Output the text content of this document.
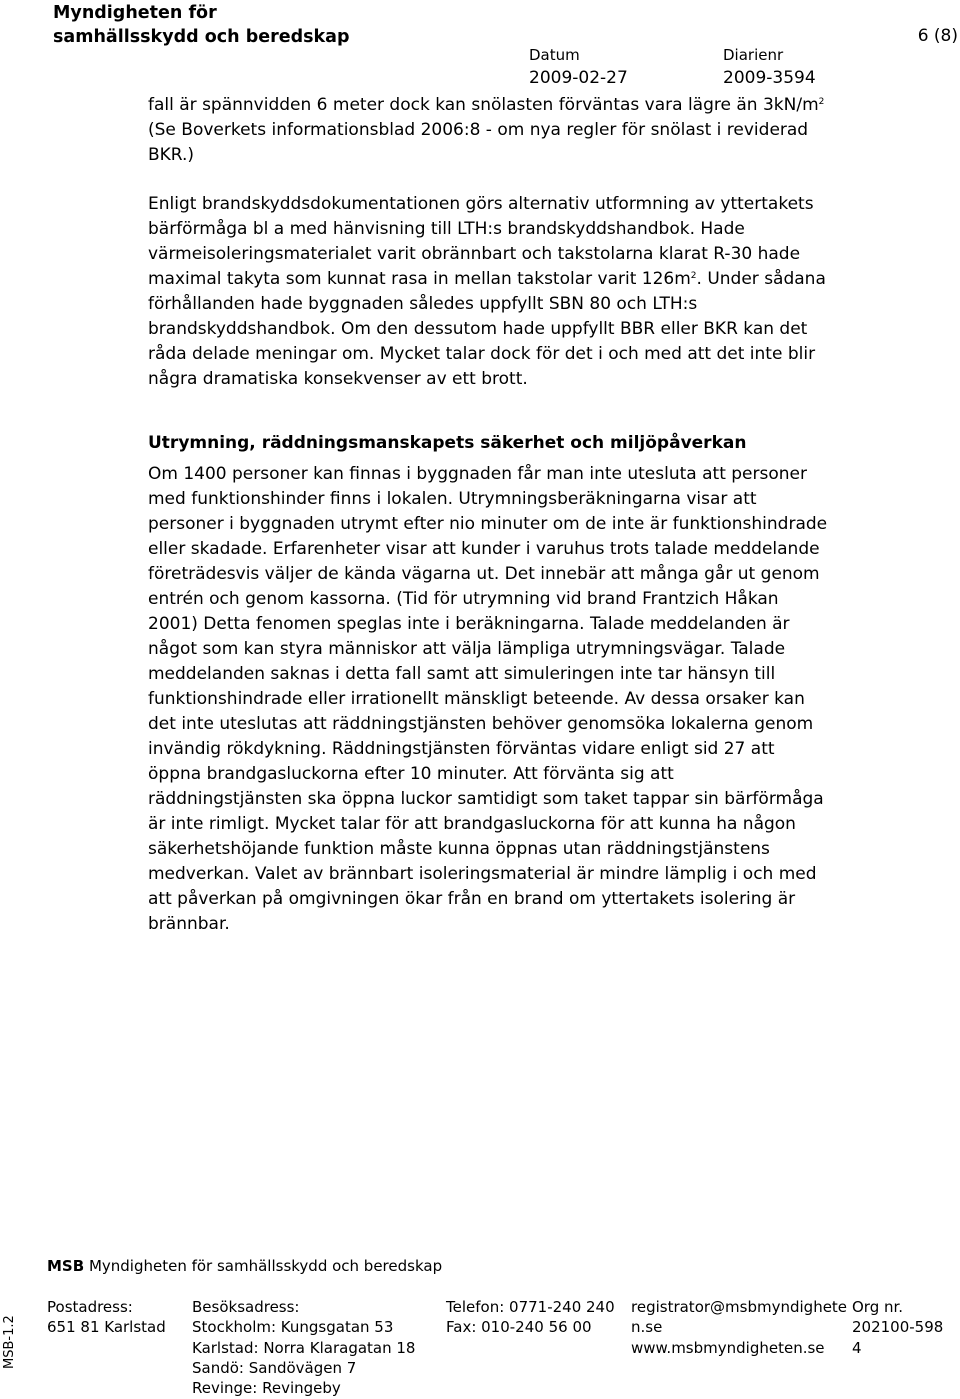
Myndigheten för
samhällsskydd och beredskap	6 (8)
Datum
2009-02-27
Diarienr
2009-3594

fall är spännvidden 6 meter dock kan snölasten förväntas vara lägre än $3kN/m^2$ (Se Boverkets informationsblad 2006:8 - om nya regler för snölast i reviderad BKR.)

Enligt brandskyddsdokumentationen görs alternativ utformning av yttertakets bärförmåga bl a med hänvisning till LTH:s brandskyddshandbok. Hade värmeisoleringsmaterialet varit obrännbart och takstolarna klarat R-30 hade maximal takyta som kunnat rasa in mellan takstolar varit $126m^2$. Under sådana förhållanden hade byggnaden således uppfyllt SBN 80 och LTH:s brandskyddshandbok. Om den dessutom hade uppfyllt BBR eller BKR kan det råda delade meningar om. Mycket talar dock för det i och med att det inte blir några dramatiska konsekvenser av ett brott.

Utrymning, räddningsmanskapets säkerhet och miljöpåverkan

Om 1400 personer kan finnas i byggnaden får man inte utesluta att personer med funktionshinder finns i lokalen. Utrymningsberäkningarna visar att personer i byggnaden utrymt efter nio minuter om de inte är funktionshindrade eller skadade. Erfarenheter visar att kunder i varuhus trots talade meddelande företrädesvis väljer de kända vägarna ut. Det innebär att många går ut genom entrén och genom kassorna. (Tid för utrymning vid brand Frantzich Håkan 2001) Detta fenomen speglas inte i beräkningarna. Talade meddelanden är något som kan styra människor att välja lämpliga utrymningsvägar. Talade meddelanden saknas i detta fall samt att simuleringen inte tar hänsyn till funktionshindrade eller irrationellt mänskligt beteende. Av dessa orsaker kan det inte uteslutas att räddningstjänsten behöver genomsöka lokalerna genom invändig rökdykning. Räddningstjänsten förväntas vidare enligt sid 27 att öppna brandgasluckorna efter 10 minuter. Att förvänta sig att räddningstjänsten ska öppna luckor samtidigt som taket tappar sin bärförmåga är inte rimligt. Mycket talar för att brandgasluckorna för att kunna ha någon säkerhetshöjande funktion måste kunna öppnas utan räddningstjänstens medverkan. Valet av brännbart isoleringsmaterial är mindre lämplig i och med att påverkan på omgivningen ökar från en brand om yttertakets isolering är brännbar.

MSB Myndigheten för samhällsskydd och beredskap
Postadress:
651 81 Karlstad
Besöksadress:
Stockholm: Kungsgatan 53
Karlstad: Norra Klaragatan 18
Sandö: Sandövägen 7
Revinge: Revingeby
Telefon: 0771-240 240
Fax: 010-240 56 00
registrator@msbmyndighete
n.se
www.msbmyndigheten.se
Org nr.
202100-598
4
MSB-1.2
